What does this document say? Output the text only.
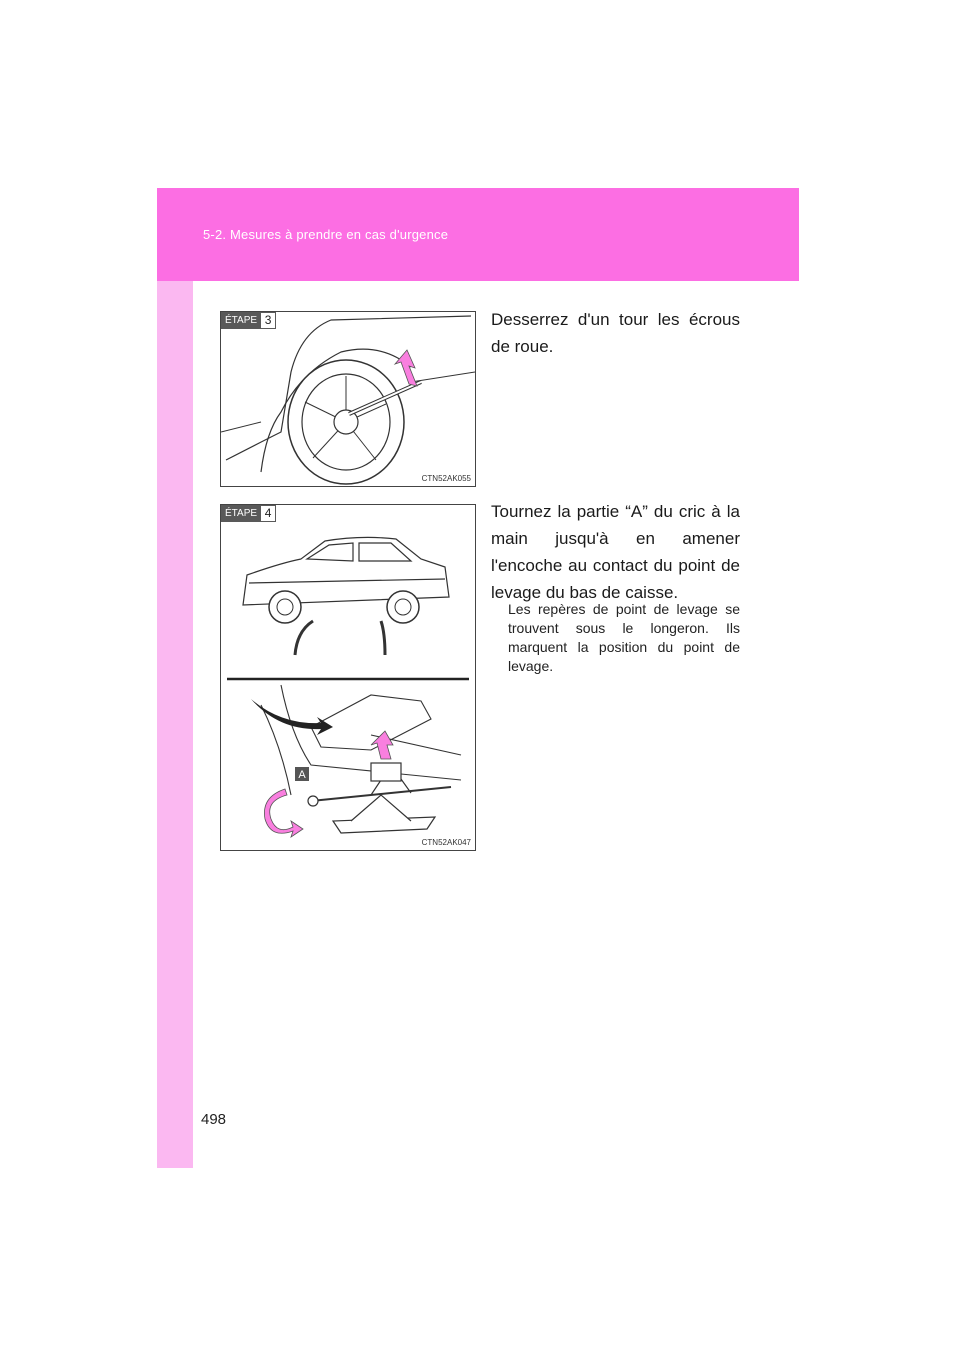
5-2. Mesures à prendre en cas d'urgence
ÉTAPE 3
CTN52AK055
Desserrez d'un tour les écrous de roue.
A
ÉTAPE 4
CTN52AK047
Tournez la partie “A” du cric à la main jusqu'à en amener l'encoche au contact du point de levage du bas de caisse.
Les repères de point de levage se trouvent sous le longeron. Ils marquent la position du point de levage.
498
